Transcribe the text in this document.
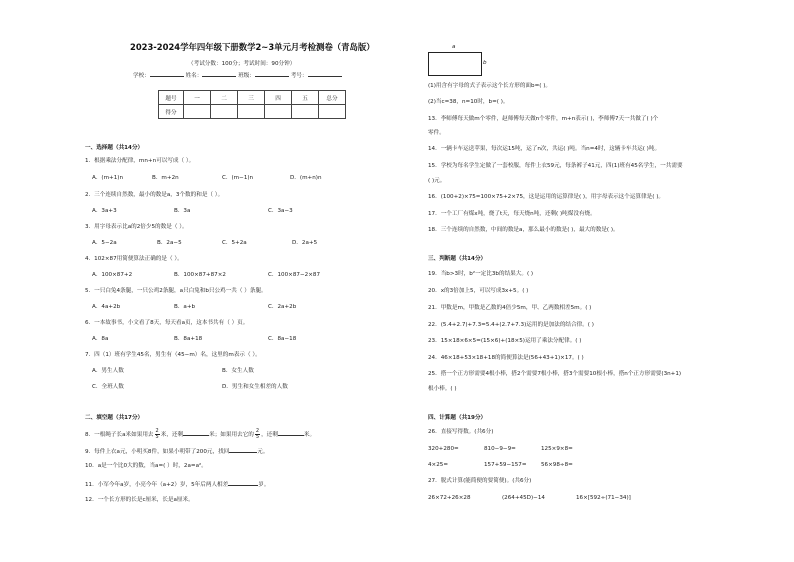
2023-2024学年四年级下册数学2~3单元月考检测卷（青岛版）
（考试分数：100分；考试时间：90分钟）
学校：	姓名：	班级：	考号：
题号	一	二	三	四	五	总分
得分						
一、选择题（共14分）
1．根据乘法分配律，mn+n可以写成（ ）。
A．(m+1)n	B．m+2n	C．(m−1)n	D．(m+n)n
2．三个连续自然数，最小的数是a，3个数的和是（ ）。
A．3a+3	B．3a	C．3a−3
3．用字母表示比a的2倍少5的数是（ ）。
A．5−2a	B．2a−5	C．5+2a	D．2a+5
4．102×87用简便算法正确的是（ ）。
A．100×87+2	B．100×87+87×2	C．100×87−2×87
5．一只白兔4条腿，一只公鸡2条腿，a只白兔和b只公鸡一共（ ）条腿。
A．4a+2b	B．a+b	C．2a+2b
6．一本故事书，小文看了8天，每天看a页，这本书共有（ ）页。
A．8a	B．8a+18	C．8a−18
7．四（1）班有学生45名，男生有（45−m）名，这里的m表示（ ）。
A．男生人数	B．女生人数
C．全班人数	D．男生和女生相差的人数
二、填空题（共17分）
8．一根绳子长a米如果用去 $\frac{2}{5}$ 米，还剩	米；如果用去它的 $\frac{2}{5}$ ，还剩	米。
9．每件上衣a元，小明买8件，如果小明带了200元，找回	元。
10．a是一个比0大的数，当a=( ）时，2a=a²。
11．小军今年a岁，小亮今年（a+2）岁，5年后两人相差	岁。
12．一个长方形的长是c厘米，长是a厘米。
a
b
(1)用含有字母的式子表示这个长方形的面b=( )。
(2)当c=38，n=10时，b=( )。
13．李师傅每天做m个零件，赵师傅每天做n个零件，m+n表示( )，李师傅7天一共做了( )个
零件。
14．一辆卡车运送苹果，每次运15吨，运了n次，共运( )吨。当n=4时，这辆卡车共运( )吨。
15．学校为每名学生定做了一套校服，每件上衣59元，每条裤子41元，四(1)班有45名学生，一共需要
( )元。
16．(100+2)×75=100×75+2×75，这是运用的运算律是( )，用字母表示这个运算律是( )。
17．一个工厂有煤x吨，烧了t天，每天烧n吨，还剩( )吨煤没有烧。
18．三个连续的自然数，中间的数是a，那么最小的数是( )，最大的数是( )。
三、判断题（共14分）
19．当b>3时，b²一定比3b的结果大。( )
20．x的3倍加上5，可以写成3x+5。( )
21．甲数是m，甲数是乙数的4倍少5m，甲、乙两数相差5m。( )
22．(5.4+2.7)+7.3=5.4+(2.7+7.3)运用的是加法的结合律。( )
23．15×18×6×5=(15×6)+(18×5)运用了乘法分配律。( )
24．46×18+53×18+18的简便算法是(56+43+1)×17。( )
25．搭一个正方形需要4根小棒，搭2个需要7根小棒，搭3个需要10根小棒，搭n个正方形需要(3n+1)
根小棒。( )
四、计算题（共19分）
26．直接写得数。(共6分)
320+280=	810−9−9=	125×9×8=
4×25=	157+59−157=	56×98÷8=
27．脱式计算(能简便的要简便)。(共6分)
26×72+26×28	(264+45D)−14	16×[592÷(71−34)]
